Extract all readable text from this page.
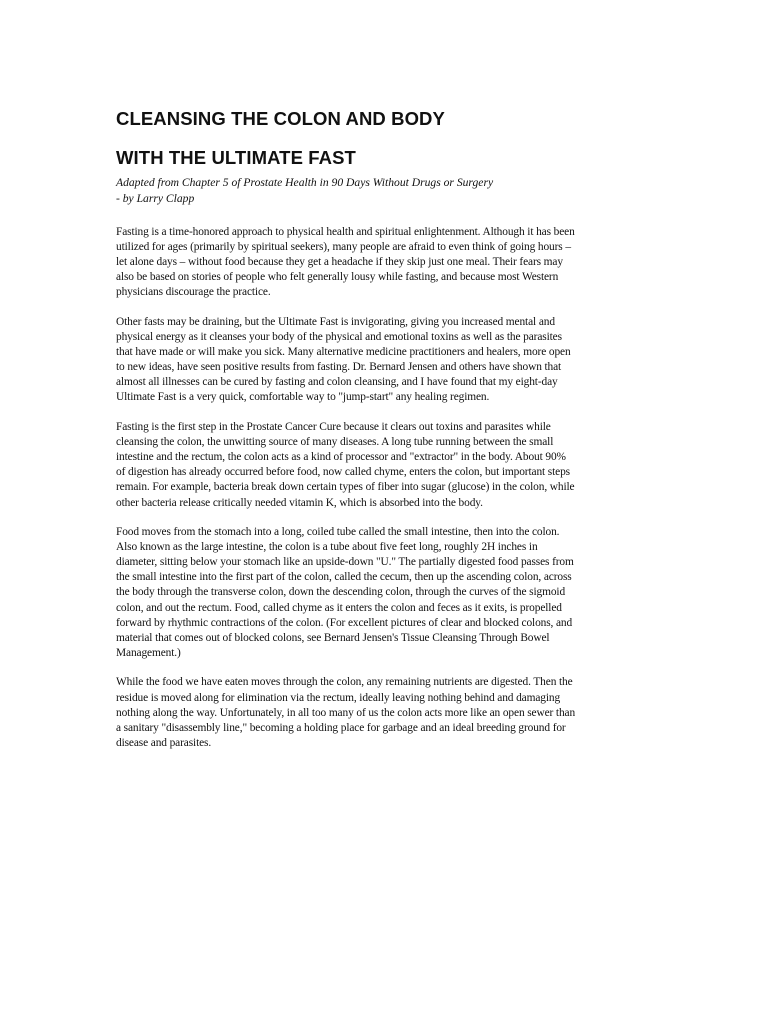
CLEANSING THE COLON AND BODY
WITH THE ULTIMATE FAST

Adapted from Chapter 5 of Prostate Health in 90 Days Without Drugs or Surgery
- by Larry Clapp

Fasting is a time-honored approach to physical health and spiritual enlightenment. Although it has been
utilized for ages (primarily by spiritual seekers), many people are afraid to even think of going hours –
let alone days – without food because they get a headache if they skip just one meal. Their fears may
also be based on stories of people who felt generally lousy while fasting, and because most Western
physicians discourage the practice.

Other fasts may be draining, but the Ultimate Fast is invigorating, giving you increased mental and
physical energy as it cleanses your body of the physical and emotional toxins as well as the parasites
that have made or will make you sick. Many alternative medicine practitioners and healers, more open
to new ideas, have seen positive results from fasting. Dr. Bernard Jensen and others have shown that
almost all illnesses can be cured by fasting and colon cleansing, and I have found that my eight-day
Ultimate Fast is a very quick, comfortable way to "jump-start" any healing regimen.

Fasting is the first step in the Prostate Cancer Cure because it clears out toxins and parasites while
cleansing the colon, the unwitting source of many diseases. A long tube running between the small
intestine and the rectum, the colon acts as a kind of processor and "extractor" in the body. About 90%
of digestion has already occurred before food, now called chyme, enters the colon, but important steps
remain. For example, bacteria break down certain types of fiber into sugar (glucose) in the colon, while
other bacteria release critically needed vitamin K, which is absorbed into the body.

Food moves from the stomach into a long, coiled tube called the small intestine, then into the colon.
Also known as the large intestine, the colon is a tube about five feet long, roughly 2H inches in
diameter, sitting below your stomach like an upside-down "U." The partially digested food passes from
the small intestine into the first part of the colon, called the cecum, then up the ascending colon, across
the body through the transverse colon, down the descending colon, through the curves of the sigmoid
colon, and out the rectum. Food, called chyme as it enters the colon and feces as it exits, is propelled
forward by rhythmic contractions of the colon. (For excellent pictures of clear and blocked colons, and
material that comes out of blocked colons, see Bernard Jensen's Tissue Cleansing Through Bowel
Management.)

While the food we have eaten moves through the colon, any remaining nutrients are digested. Then the
residue is moved along for elimination via the rectum, ideally leaving nothing behind and damaging
nothing along the way. Unfortunately, in all too many of us the colon acts more like an open sewer than
a sanitary "disassembly line," becoming a holding place for garbage and an ideal breeding ground for
disease and parasites.
